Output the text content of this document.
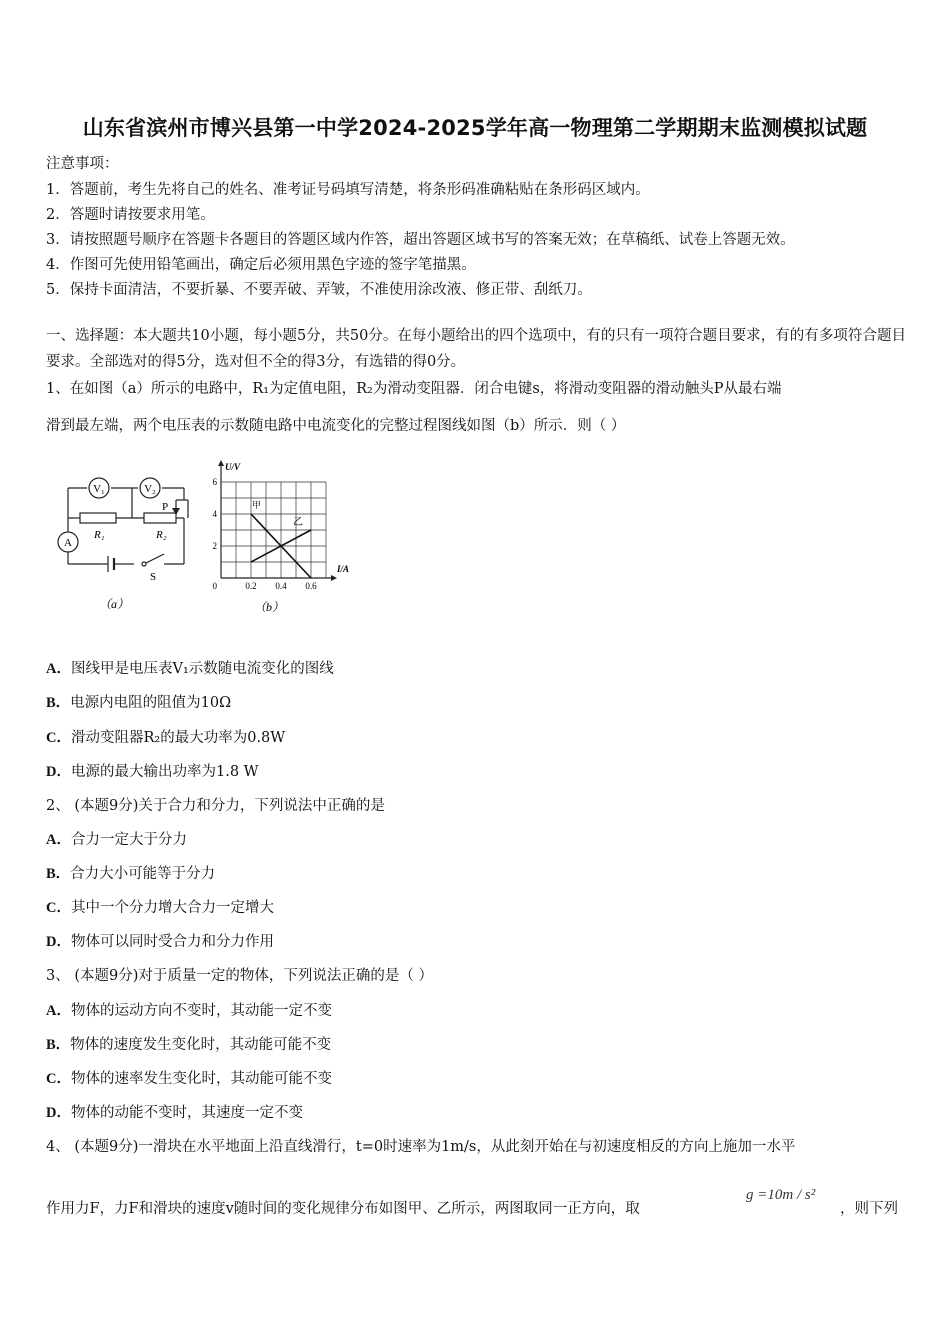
山东省滨州市博兴县第一中学2024-2025学年高一物理第二学期期末监测模拟试题
注意事项：
1．答题前，考生先将自己的姓名、准考证号码填写清楚，将条形码准确粘贴在条形码区域内。
2．答题时请按要求用笔。
3．请按照题号顺序在答题卡各题目的答题区域内作答，超出答题区域书写的答案无效；在草稿纸、试卷上答题无效。
4．作图可先使用铅笔画出，确定后必须用黑色字迹的签字笔描黑。
5．保持卡面清洁，不要折暴、不要弄破、弄皱，不准使用涂改液、修正带、刮纸刀。
一、选择题：本大题共10小题，每小题5分，共50分。在每小题给出的四个选项中，有的只有一项符合题目要求，有的有多项符合题目要求。全部选对的得5分，选对但不全的得3分，有选错的得0分。
1、在如图（a）所示的电路中，R₁为定值电阻，R₂为滑动变阻器．闭合电键s，将滑动变阻器的滑动触头P从最右端
滑到最左端，两个电压表的示数随电路中电流变化的完整过程图线如图（b）所示．则（ ）
V₁	V₂
A
P
R₁	R₂
S
（a）
U/V
I/A
6
4
2
0	0.2 0.4 0.6
甲
乙
（b）
A．图线甲是电压表V₁示数随电流变化的图线
B．电源内电阻的阻值为10Ω
C．滑动变阻器R₂的最大功率为0.8W
D．电源的最大输出功率为1.8 W
2、 (本题9分)关于合力和分力，下列说法中正确的是
A．合力一定大于分力
B．合力大小可能等于分力
C．其中一个分力增大合力一定增大
D．物体可以同时受合力和分力作用
3、 (本题9分)对于质量一定的物体，下列说法正确的是（ ）
A．物体的运动方向不变时，其动能一定不变
B．物体的速度发生变化时，其动能可能不变
C．物体的速率发生变化时，其动能可能不变
D．物体的动能不变时，其速度一定不变
4、 (本题9分)一滑块在水平地面上沿直线滑行，t=0时速率为1m/s，从此刻开始在与初速度相反的方向上施加一水平
作用力F，力F和滑块的速度v随时间的变化规律分布如图甲、乙所示，两图取同一正方向，取
g =10m / s²
，则下列
